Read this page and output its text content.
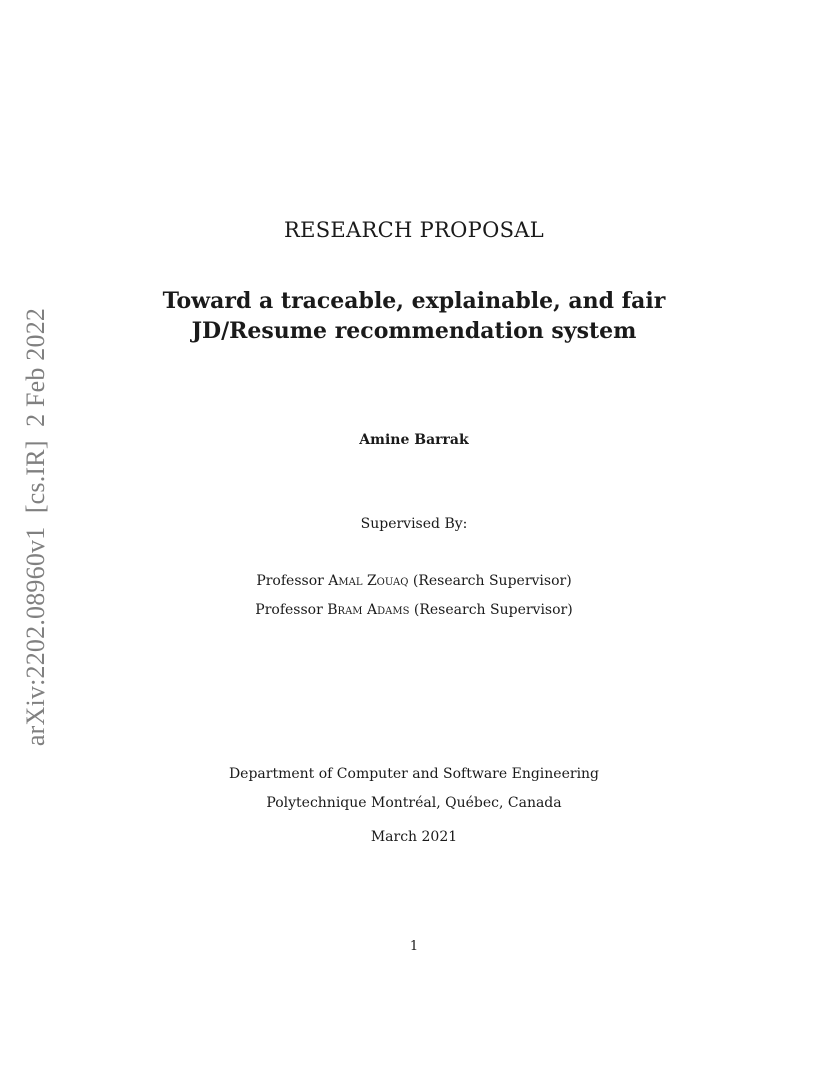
arXiv:2202.08960v1  [cs.IR]  2 Feb 2022
RESEARCH PROPOSAL
Toward a traceable, explainable, and fair
JD/Resume recommendation system
Amine Barrak
Supervised By:
Professor Amal Zouaq (Research Supervisor)
Professor Bram Adams (Research Supervisor)
Department of Computer and Software Engineering
Polytechnique Montréal, Québec, Canada
March 2021
1
